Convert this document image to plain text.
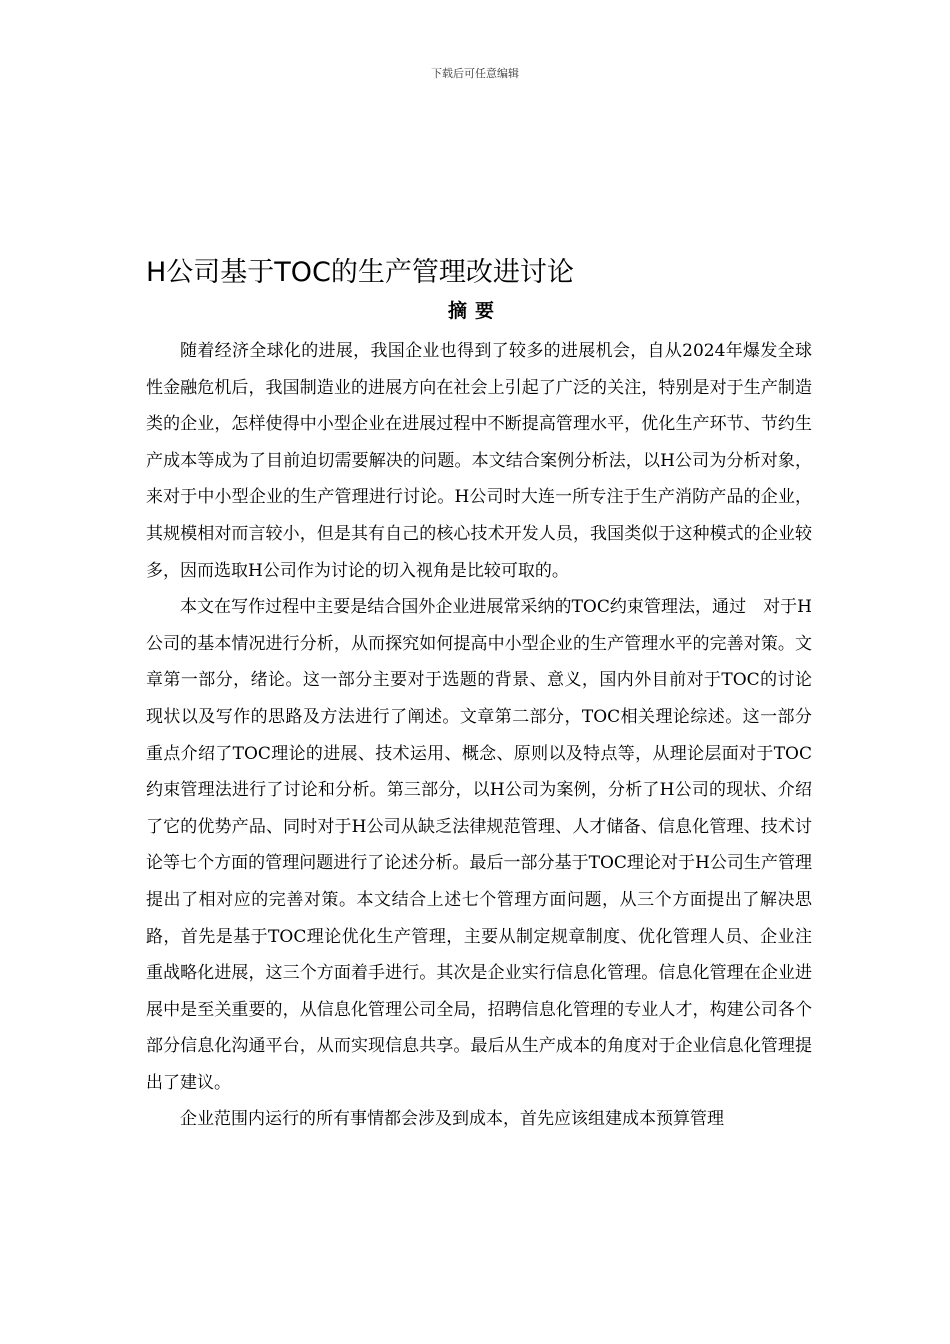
下载后可任意编辑
H公司基于TOC的生产管理改进讨论
摘要

随着经济全球化的进展，我国企业也得到了较多的进展机会，自从2024年爆发全球性金融危机后，我国制造业的进展方向在社会上引起了广泛的关注，特别是对于生产制造类的企业，怎样使得中小型企业在进展过程中不断提高管理水平，优化生产环节、节约生产成本等成为了目前迫切需要解决的问题。本文结合案例分析法，以H公司为分析对象，来对于中小型企业的生产管理进行讨论。H公司时大连一所专注于生产消防产品的企业，其规模相对而言较小，但是其有自己的核心技术开发人员，我国类似于这种模式的企业较多，因而选取H公司作为讨论的切入视角是比较可取的。

本文在写作过程中主要是结合国外企业进展常采纳的TOC约束管理法，通过　对于H公司的基本情况进行分析，从而探究如何提高中小型企业的生产管理水平的完善对策。文章第一部分，绪论。这一部分主要对于选题的背景、意义，国内外目前对于TOC的讨论现状以及写作的思路及方法进行了阐述。文章第二部分，TOC相关理论综述。这一部分重点介绍了TOC理论的进展、技术运用、概念、原则以及特点等，从理论层面对于TOC约束管理法进行了讨论和分析。第三部分，以H公司为案例，分析了H公司的现状、介绍了它的优势产品、同时对于H公司从缺乏法律规范管理、人才储备、信息化管理、技术讨论等七个方面的管理问题进行了论述分析。最后一部分基于TOC理论对于H公司生产管理提出了相对应的完善对策。本文结合上述七个管理方面问题，从三个方面提出了解决思路，首先是基于TOC理论优化生产管理，主要从制定规章制度、优化管理人员、企业注重战略化进展，这三个方面着手进行。其次是企业实行信息化管理。信息化管理在企业进展中是至关重要的，从信息化管理公司全局，招聘信息化管理的专业人才，构建公司各个部分信息化沟通平台，从而实现信息共享。最后从生产成本的角度对于企业信息化管理提出了建议。

企业范围内运行的所有事情都会涉及到成本，首先应该组建成本预算管理
